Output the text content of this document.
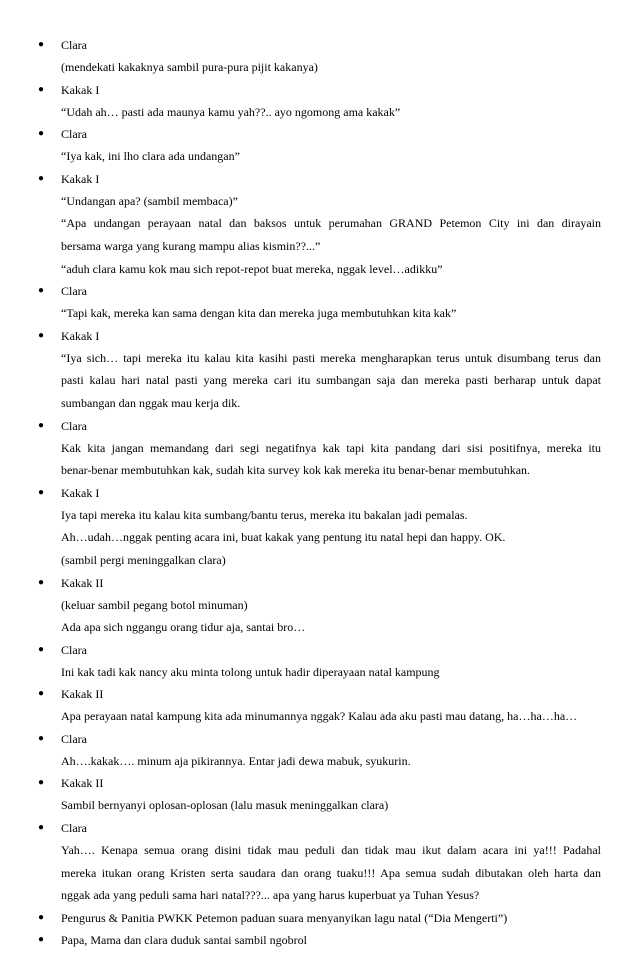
● Clara
(mendekati kakaknya sambil pura-pura pijit kakanya)
● Kakak I
“Udah ah… pasti ada maunya kamu yah??.. ayo ngomong ama kakak”
● Clara
“Iya kak, ini lho clara ada undangan”
● Kakak I
“Undangan apa? (sambil membaca)”
“Apa undangan perayaan natal dan baksos untuk perumahan GRAND Petemon City ini dan dirayain
bersama warga yang kurang mampu alias kismin??...”
“aduh clara kamu kok mau sich repot-repot buat mereka, nggak level…adikku”
● Clara
“Tapi kak, mereka kan sama dengan kita dan mereka juga membutuhkan kita kak”
● Kakak I
“Iya sich… tapi mereka itu kalau kita kasihi pasti mereka mengharapkan terus untuk disumbang terus dan
pasti kalau hari natal pasti yang mereka cari itu sumbangan saja dan mereka pasti berharap untuk dapat
sumbangan dan nggak mau kerja dik.
● Clara
Kak kita jangan memandang dari segi negatifnya kak tapi kita pandang dari sisi positifnya, mereka itu
benar-benar membutuhkan kak, sudah kita survey kok kak mereka itu benar-benar membutuhkan.
● Kakak I
Iya tapi mereka itu kalau kita sumbang/bantu terus, mereka itu bakalan jadi pemalas.
Ah…udah…nggak penting acara ini, buat kakak yang pentung itu natal hepi dan happy. OK.
(sambil pergi meninggalkan clara)
● Kakak II
(keluar sambil pegang botol minuman)
Ada apa sich nggangu orang tidur aja, santai bro…
● Clara
Ini kak tadi kak nancy aku minta tolong untuk hadir diperayaan natal kampung
● Kakak II
Apa perayaan natal kampung kita ada minumannya nggak? Kalau ada aku pasti mau datang, ha…ha…ha…
● Clara
Ah….kakak…. minum aja pikirannya. Entar jadi dewa mabuk, syukurin.
● Kakak II
Sambil bernyanyi oplosan-oplosan (lalu masuk meninggalkan clara)
● Clara
Yah…. Kenapa semua orang disini tidak mau peduli dan tidak mau ikut dalam acara ini ya!!! Padahal
mereka itukan orang Kristen serta saudara dan orang tuaku!!! Apa semua sudah dibutakan oleh harta dan
nggak ada yang peduli sama hari natal???... apa yang harus kuperbuat ya Tuhan Yesus?
● Pengurus & Panitia PWKK Petemon paduan suara menyanyikan lagu natal (“Dia Mengerti”)
● Papa, Mama dan clara duduk santai sambil ngobrol
